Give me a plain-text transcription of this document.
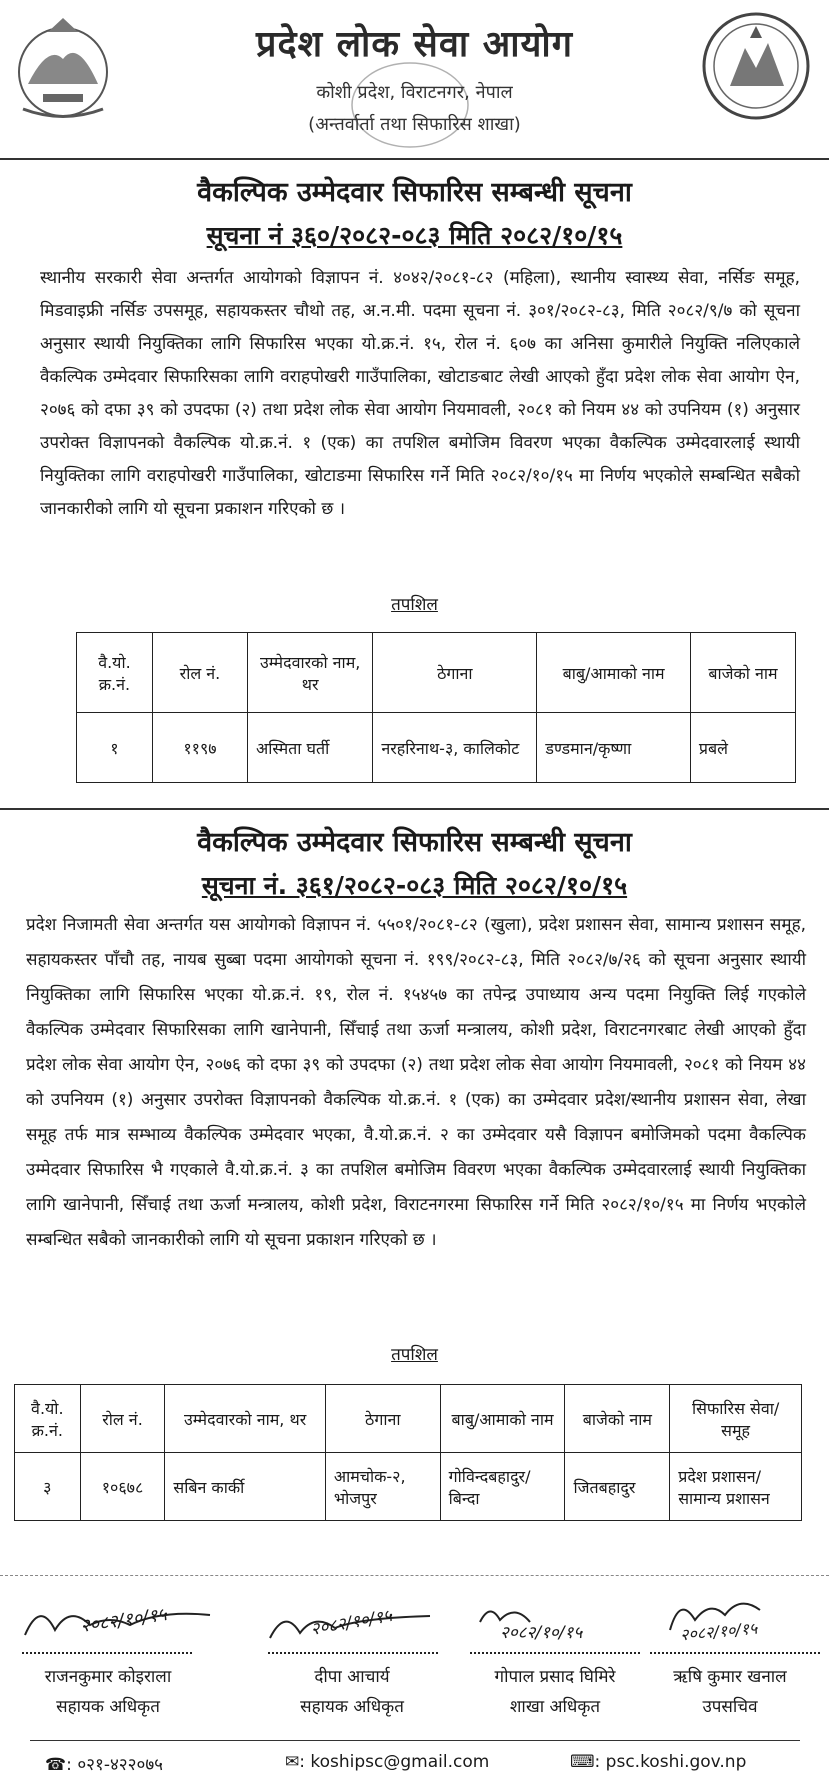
प्रदेश लोक सेवा आयोग
कोशी प्रदेश, विराटनगर, नेपाल
(अन्तर्वार्ता तथा सिफारिस शाखा)
वैकल्पिक उम्मेदवार सिफारिस सम्बन्धी सूचना
सूचना नं ३६०/२०८२-०८३ मिति २०८२/१०/१५
स्थानीय सरकारी सेवा अन्तर्गत आयोगको विज्ञापन नं. ४०४२/२०८१-८२ (महिला), स्थानीय स्वास्थ्य सेवा, नर्सिङ समूह, मिडवाइफ्री नर्सिङ उपसमूह, सहायकस्तर चौथो तह, अ.न.मी. पदमा सूचना नं. ३०१/२०८२-८३, मिति २०८२/९/७ को सूचना अनुसार स्थायी नियुक्तिका लागि सिफारिस भएका यो.क्र.नं. १५, रोल नं. ६०७ का अनिसा कुमारीले नियुक्ति नलिएकाले वैकल्पिक उम्मेदवार सिफारिसका लागि वराहपोखरी गाउँपालिका, खोटाङबाट लेखी आएको हुँदा प्रदेश लोक सेवा आयोग ऐन, २०७६ को दफा ३९ को उपदफा (२) तथा प्रदेश लोक सेवा आयोग नियमावली, २०८१ को नियम ४४ को उपनियम (१) अनुसार उपरोक्त विज्ञापनको वैकल्पिक यो.क्र.नं. १ (एक) का तपशिल बमोजिम विवरण भएका वैकल्पिक उम्मेदवारलाई स्थायी नियुक्तिका लागि वराहपोखरी गाउँपालिका, खोटाङमा सिफारिस गर्ने मिति २०८२/१०/१५ मा निर्णय भएकोले सम्बन्धित सबैको जानकारीको लागि यो सूचना प्रकाशन गरिएको छ ।
तपशिल
वै.यो. क्र.नं.	रोल नं.	उम्मेदवारको नाम, थर	ठेगाना	बाबु/आमाको नाम	बाजेको नाम
१	११९७	अस्मिता घर्ती	नरहरिनाथ-३, कालिकोट	डण्डमान/कृष्णा	प्रबले
वैकल्पिक उम्मेदवार सिफारिस सम्बन्धी सूचना
सूचना नं. ३६१/२०८२-०८३ मिति २०८२/१०/१५
प्रदेश निजामती सेवा अन्तर्गत यस आयोगको विज्ञापन नं. ५५०१/२०८१-८२ (खुला), प्रदेश प्रशासन सेवा, सामान्य प्रशासन समूह, सहायकस्तर पाँचौ तह, नायब सुब्बा पदमा आयोगको सूचना नं. १९९/२०८२-८३, मिति २०८२/७/२६ को सूचना अनुसार स्थायी नियुक्तिका लागि सिफारिस भएका यो.क्र.नं. १९, रोल नं. १५४५७ का तपेन्द्र उपाध्याय अन्य पदमा नियुक्ति लिई गएकोले वैकल्पिक उम्मेदवार सिफारिसका लागि खानेपानी, सिँचाई तथा ऊर्जा मन्त्रालय, कोशी प्रदेश, विराटनगरबाट लेखी आएको हुँदा प्रदेश लोक सेवा आयोग ऐन, २०७६ को दफा ३९ को उपदफा (२) तथा प्रदेश लोक सेवा आयोग नियमावली, २०८१ को नियम ४४ को उपनियम (१) अनुसार उपरोक्त विज्ञापनको वैकल्पिक यो.क्र.नं. १ (एक) का उम्मेदवार प्रदेश/स्थानीय प्रशासन सेवा, लेखा समूह तर्फ मात्र सम्भाव्य वैकल्पिक उम्मेदवार भएका, वै.यो.क्र.नं. २ का उम्मेदवार यसै विज्ञापन बमोजिमको पदमा वैकल्पिक उम्मेदवार सिफारिस भै गएकाले वै.यो.क्र.नं. ३ का तपशिल बमोजिम विवरण भएका वैकल्पिक उम्मेदवारलाई स्थायी नियुक्तिका लागि खानेपानी, सिँचाई तथा ऊर्जा मन्त्रालय, कोशी प्रदेश, विराटनगरमा सिफारिस गर्ने मिति २०८२/१०/१५ मा निर्णय भएकोले सम्बन्धित सबैको जानकारीको लागि यो सूचना प्रकाशन गरिएको छ ।
तपशिल
वै.यो. क्र.नं.	रोल नं.	उम्मेदवारको नाम, थर	ठेगाना	बाबु/आमाको नाम	बाजेको नाम	सिफारिस सेवा/समूह
३	१०६७८	सबिन कार्की	आमचोक-२, भोजपुर	गोविन्दबहादुर/ बिन्दा	जितबहादुर	प्रदेश प्रशासन/ सामान्य प्रशासन
२०८२/१०/१५
राजनकुमार कोइराला
सहायक अधिकृत
२०८२/१०/१५
दीपा आचार्य
सहायक अधिकृत
२०८२/१०/१५
गोपाल प्रसाद घिमिरे
शाखा अधिकृत
२०८२/१०/१५
ऋषि कुमार खनाल
उपसचिव
☎: ०२१-४२२०७५	✉: koshipsc@gmail.com	⌨: psc.koshi.gov.np
